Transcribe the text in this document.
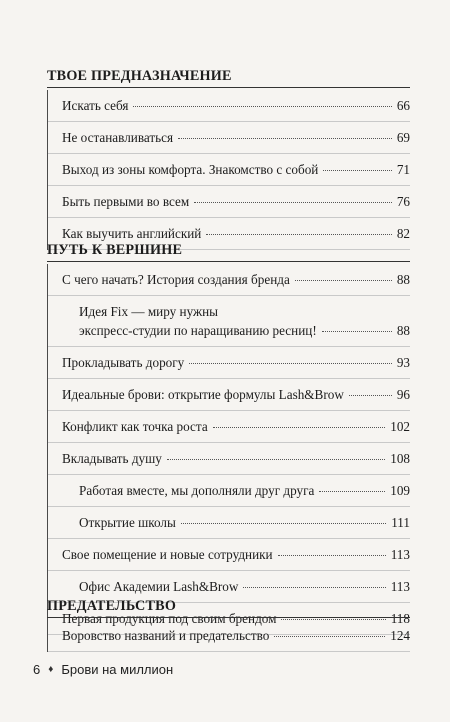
ТВОЕ ПРЕДНАЗНАЧЕНИЕ
Искать себя	66
Не останавливаться	69
Выход из зоны комфорта. Знакомство с собой	71
Быть первыми во всем	76
Как выучить английский	82
ПУТЬ К ВЕРШИНЕ
С чего начать? История создания бренда	88
Идея Fix — миру нужны
экспресс-студии по наращиванию ресниц!	88
Прокладывать дорогу	93
Идеальные брови: открытие формулы Lash&Brow	96
Конфликт как точка роста	102
Вкладывать душу	108
Работая вместе, мы дополняли друг друга	109
Открытие школы	111
Свое помещение и новые сотрудники	113
Офис Академии Lash&Brow	113
Первая продукция под своим брендом	118
ПРЕДАТЕЛЬСТВО
Воровство названий и предательство	124
6 ♦ Брови на миллион
